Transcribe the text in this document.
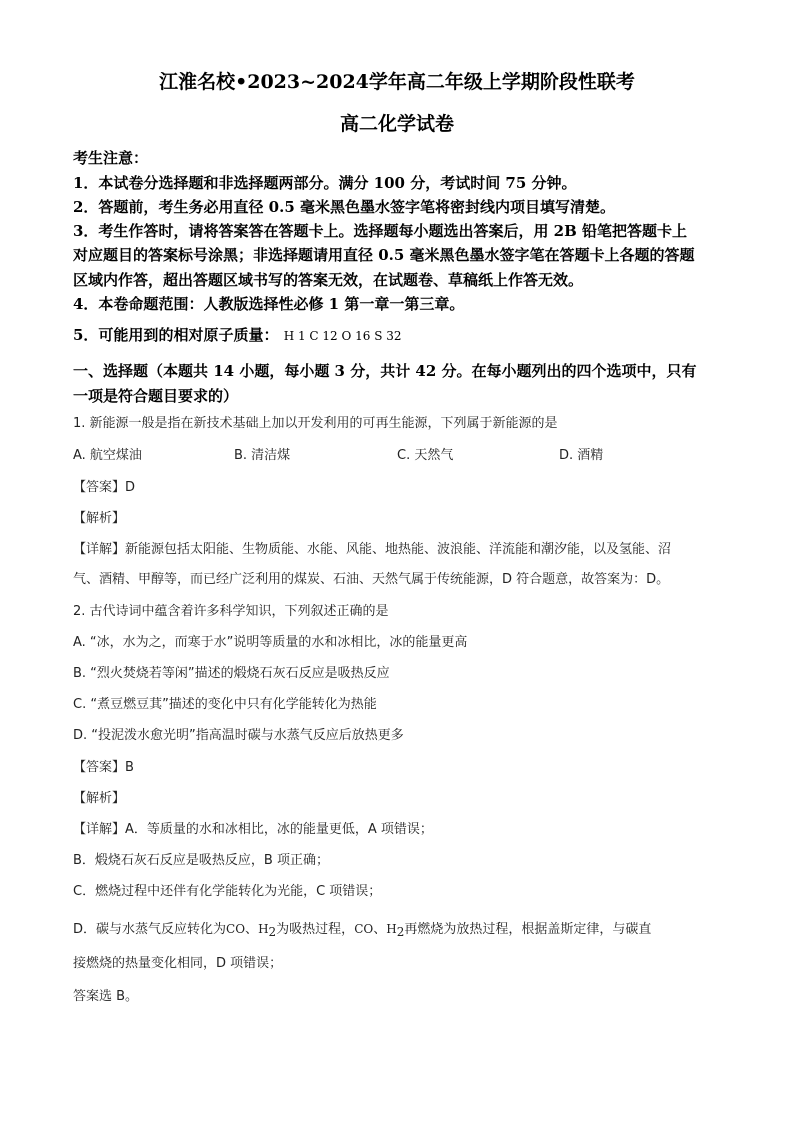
江淮名校•2023~2024学年高二年级上学期阶段性联考
高二化学试卷
考生注意：
1．本试卷分选择题和非选择题两部分。满分 100 分，考试时间 75 分钟。
2．答题前，考生务必用直径 0.5 毫米黑色墨水签字笔将密封线内项目填写清楚。
3．考生作答时，请将答案答在答题卡上。选择题每小题选出答案后，用 2B 铅笔把答题卡上
对应题目的答案标号涂黑；非选择题请用直径 0.5 毫米黑色墨水签字笔在答题卡上各题的答题
区域内作答，超出答题区域书写的答案无效，在试题卷、草稿纸上作答无效。
4．本卷命题范围：人教版选择性必修 1 第一章一第三章。
5．可能用到的相对原子质量： H 1 C 12 O 16 S 32
一、选择题（本题共 14 小题，每小题 3 分，共计 42 分。在每小题列出的四个选项中，只有
一项是符合题目要求的）
1. 新能源一般是指在新技术基础上加以开发利用的可再生能源，下列属于新能源的是
A. 航空煤油	B. 清洁煤	C. 天然气	D. 酒精
【答案】D
【解析】
【详解】新能源包括太阳能、生物质能、水能、风能、地热能、波浪能、洋流能和潮汐能，以及氢能、沼
气、酒精、甲醇等，而已经广泛利用的煤炭、石油、天然气属于传统能源，D 符合题意，故答案为：D。
2. 古代诗词中蕴含着许多科学知识，下列叙述正确的是
A. “冰，水为之，而寒于水”说明等质量的水和冰相比，冰的能量更高
B. “烈火焚烧若等闲”描述的煅烧石灰石反应是吸热反应
C. “煮豆燃豆萁”描述的变化中只有化学能转化为热能
D. “投泥泼水愈光明”指高温时碳与水蒸气反应后放热更多
【答案】B
【解析】
【详解】A．等质量的水和冰相比，冰的能量更低，A 项错误；
B．煅烧石灰石反应是吸热反应，B 项正确；
C．燃烧过程中还伴有化学能转化为光能，C 项错误；
D．碳与水蒸气反应转化为CO、$H_2$为吸热过程，CO、$H_2$再燃烧为放热过程，根据盖斯定律，与碳直
接燃烧的热量变化相同，D 项错误；
答案选 B。
